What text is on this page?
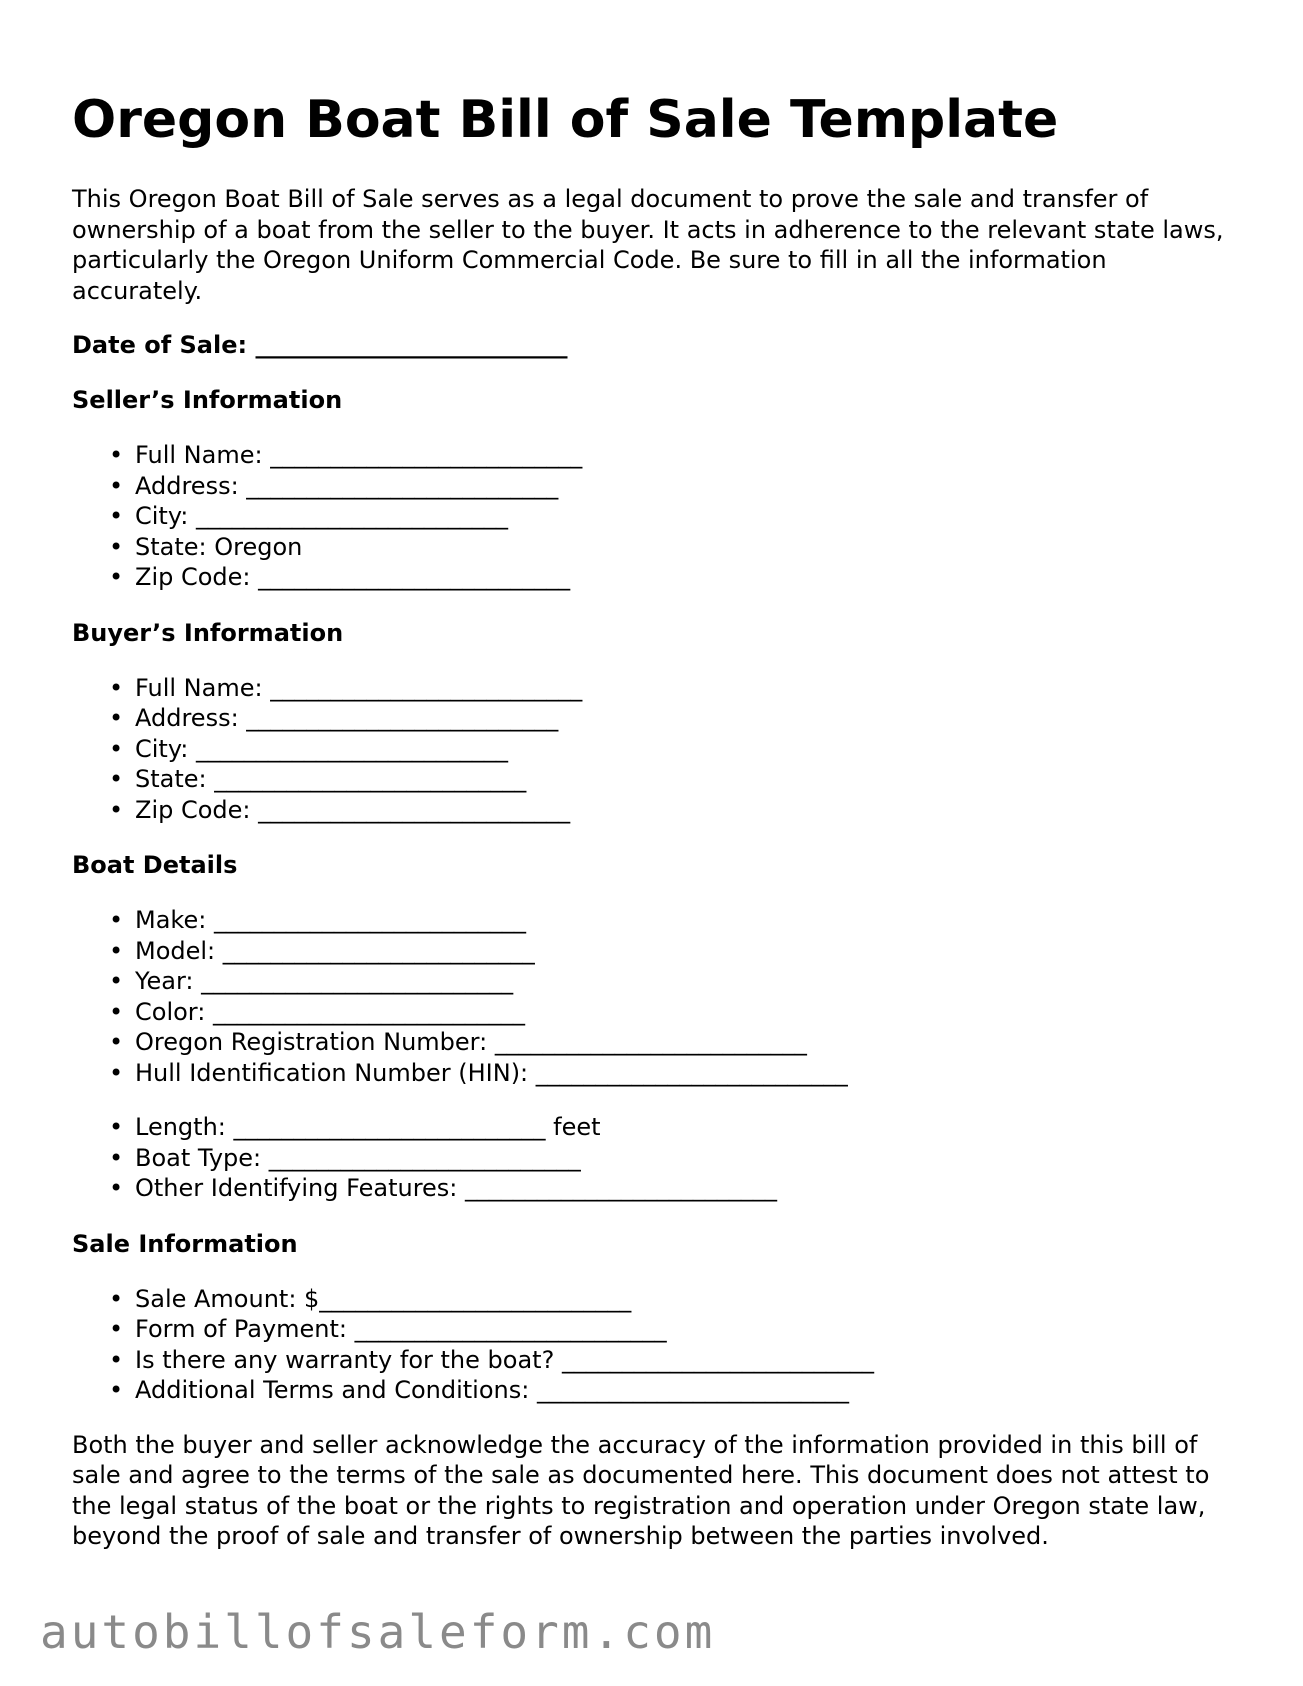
Oregon Boat Bill of Sale Template

This Oregon Boat Bill of Sale serves as a legal document to prove the sale and transfer of ownership of a boat from the seller to the buyer. It acts in adherence to the relevant state laws, particularly the Oregon Uniform Commercial Code. Be sure to fill in all the information accurately.

Date of Sale: __________________________

Seller’s Information
• Full Name: __________________________
• Address: __________________________
• City: __________________________
• State: Oregon
• Zip Code: __________________________
Buyer’s Information
• Full Name: __________________________
• Address: __________________________
• City: __________________________
• State: __________________________
• Zip Code: __________________________
Boat Details
• Make: __________________________
• Model: __________________________
• Year: __________________________
• Color: __________________________
• Oregon Registration Number: __________________________
• Hull Identification Number (HIN): __________________________
• Length: __________________________ feet
• Boat Type: __________________________
• Other Identifying Features: __________________________
Sale Information
• Sale Amount: $__________________________
• Form of Payment: __________________________
• Is there any warranty for the boat? __________________________
• Additional Terms and Conditions: __________________________

Both the buyer and seller acknowledge the accuracy of the information provided in this bill of sale and agree to the terms of the sale as documented here. This document does not attest to the legal status of the boat or the rights to registration and operation under Oregon state law, beyond the proof of sale and transfer of ownership between the parties involved.

autobillofsaleform.com
